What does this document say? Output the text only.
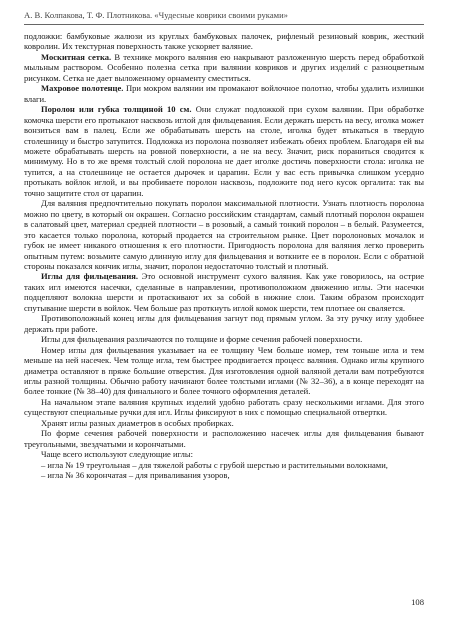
А. В. Колпакова, Т. Ф. Плотникова. «Чудесные коврики своими руками»

подложки: бамбуковые жалюзи из круглых бамбуковых палочек, рифленый резиновый коврик, жесткий ковролин. Их текстурная поверхность также ускоряет валяние.

Москитная сетка. В технике мокрого валяния ею накрывают разложенную шерсть перед обработкой мыльным раствором. Особенно полезна сетка при валянии ковриков и других изделий с разноцветным рисунком. Сетка не дает выложенному орнаменту сместиться.

Махровое полотенце. При мокром валянии им промакают войлочное полотно, чтобы удалить излишки влаги.

Поролон или губка толщиной 10 см. Они служат подложкой при сухом валянии. При обработке комочка шерсти его протыкают насквозь иглой для фильцевания. Если держать шерсть на весу, иголка может вонзиться вам в палец. Если же обрабатывать шерсть на столе, иголка будет втыкаться в твердую столешницу и быстро затупится. Подложка из поролона позволяет избежать обеих проблем. Благодаря ей вы можете обрабатывать шерсть на ровной поверхности, а не на весу. Значит, риск пораниться сводится к минимуму. Но в то же время толстый слой поролона не дает иголке достичь поверхности стола: иголка не тупится, а на столешнице не остается дырочек и царапин. Если у вас есть привычка слишком усердно протыкать войлок иглой, и вы пробиваете поролон насквозь, подложите под него кусок оргалита: так вы точно защитите стол от царапин.

Для валяния предпочтительно покупать поролон максимальной плотности. Узнать плотность поролона можно по цвету, в который он окрашен. Согласно российским стандартам, самый плотный поролон окрашен в салатовый цвет, материал средней плотности – в розовый, а самый тонкий поролон – в белый. Разумеется, это касается только поролона, который продается на строительном рынке. Цвет поролоновых мочалок и губок не имеет никакого отношения к его плотности. Пригодность поролона для валяния легко проверить опытным путем: возьмите самую длинную иглу для фильцевания и воткните ее в поролон. Если с обратной стороны показался кончик иглы, значит, поролон недостаточно толстый и плотный.

Иглы для фильцевания. Это основной инструмент сухого валяния. Как уже говорилось, на острие таких игл имеются насечки, сделанные в направлении, противоположном движению иглы. Эти насечки подцепляют волокна шерсти и протаскивают их за собой в нижние слои. Таким образом происходит спутывание шерсти в войлок. Чем больше раз проткнуть иглой комок шерсти, тем плотнее он сваляется.

Противоположный конец иглы для фильцевания загнут под прямым углом. За эту ручку иглу удобнее держать при работе.

Иглы для фильцевания различаются по толщине и форме сечения рабочей поверхности.

Номер иглы для фильцевания указывает на ее толщину Чем больше номер, тем тоньше игла и тем меньше на ней насечек. Чем толще игла, тем быстрее продвигается процесс валяния. Однако иглы крупного диаметра оставляют в пряже большие отверстия. Для изготовления одной валяной детали вам потребуются иглы разной толщины. Обычно работу начинают более толстыми иглами (№ 32–36), а в конце переходят на более тонкие (№ 38–40) для финального и более точного оформления деталей.

На начальном этапе валяния крупных изделий удобно работать сразу несколькими иглами. Для этого существуют специальные ручки для игл. Иглы фиксируют в них с помощью специальной отвертки.

Хранят иглы разных диаметров в особых пробирках.

По форме сечения рабочей поверхности и расположению насечек иглы для фильцевания бывают треугольными, звездчатыми и корончатыми.

Чаще всего используют следующие иглы:

– игла № 19 треугольная – для тяжелой работы с грубой шерстью и растительными волокнами,

– игла № 36 корончатая – для приваливания узоров,

108
